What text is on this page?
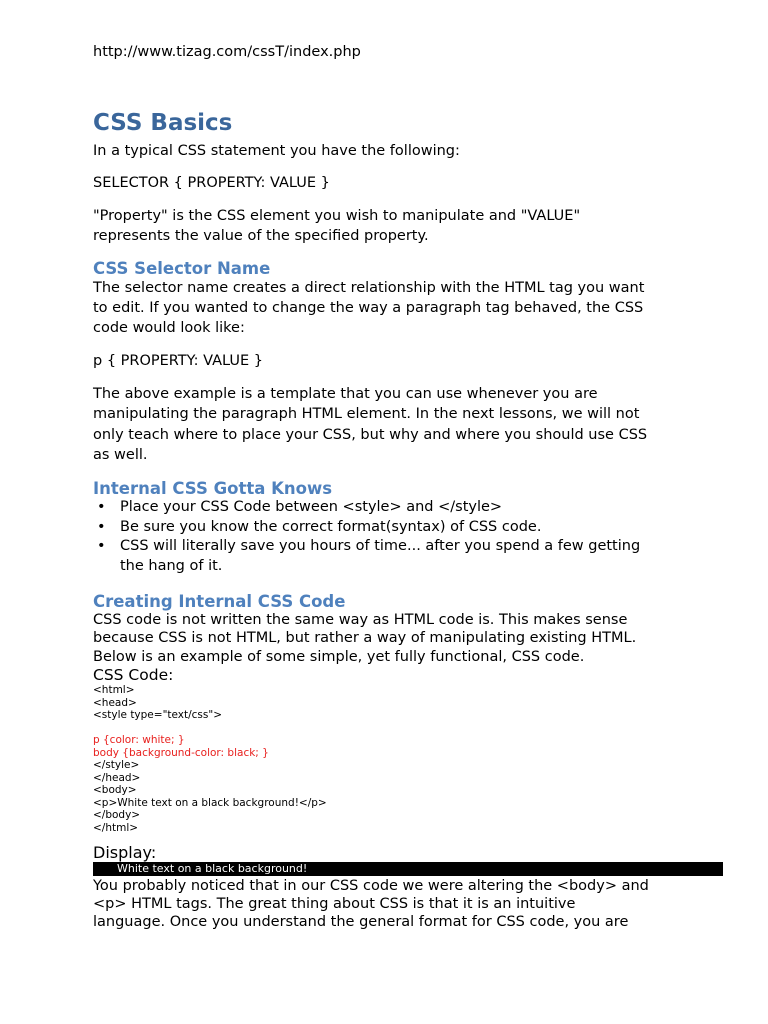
http://www.tizag.com/cssT/index.php
CSS Basics

In a typical CSS statement you have the following:

SELECTOR { PROPERTY: VALUE }

"Property" is the CSS element you wish to manipulate and "VALUE"

represents the value of the specified property.

CSS Selector Name

The selector name creates a direct relationship with the HTML tag you want

to edit. If you wanted to change the way a paragraph tag behaved, the CSS

code would look like:

p { PROPERTY: VALUE }

The above example is a template that you can use whenever you are

manipulating the paragraph HTML element. In the next lessons, we will not

only teach where to place your CSS, but why and where you should use CSS

as well.

Internal CSS Gotta Knows
• Place your CSS Code between <style> and </style>
• Be sure you know the correct format(syntax) of CSS code.
• CSS will literally save you hours of time... after you spend a few getting the hang of it.
Creating Internal CSS Code

CSS code is not written the same way as HTML code is. This makes sense

because CSS is not HTML, but rather a way of manipulating existing HTML.

Below is an example of some simple, yet fully functional, CSS code.

CSS Code:

<html>
<head>
<style type="text/css">
p {color: white; }
body {background-color: black; }
</style>
</head>
<body>
<p>White text on a black background!</p>
</body>
</html>

Display:

White text on a black background!

You probably noticed that in our CSS code we were altering the <body> and

<p> HTML tags. The great thing about CSS is that it is an intuitive

language. Once you understand the general format for CSS code, you are
